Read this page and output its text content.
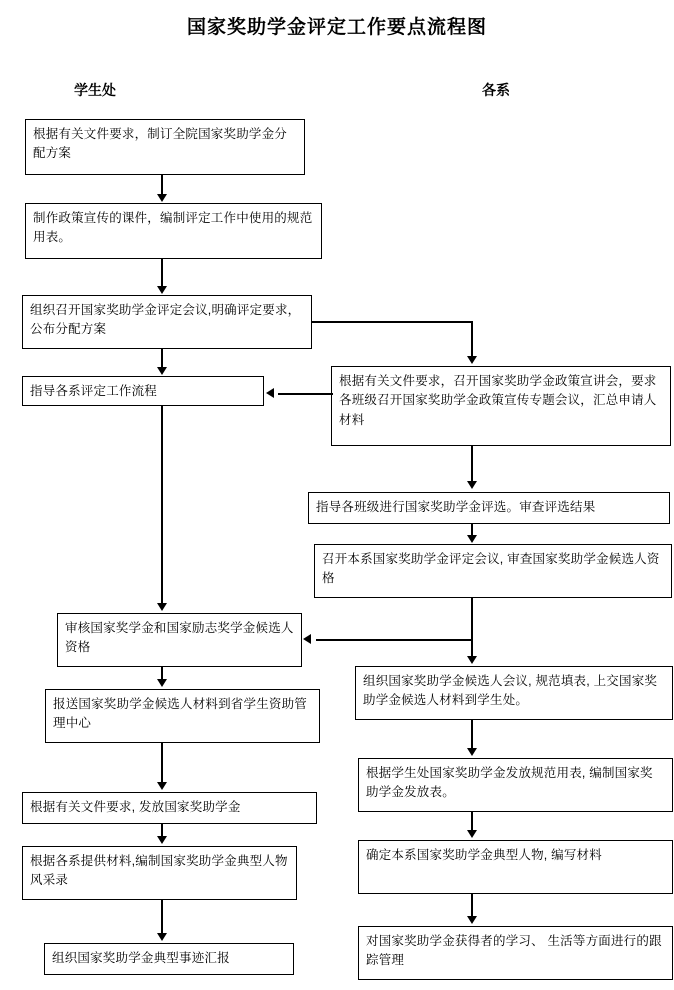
国家奖助学金评定工作要点流程图
学生处	各系
根据有关文件要求，制订全院国家奖助学金分配方案
制作政策宣传的课件，编制评定工作中使用的规范用表。
组织召开国家奖助学金评定会议,明确评定要求，公布分配方案
指导各系评定工作流程
审核国家奖学金和国家励志奖学金候选人资格
报送国家奖助学金候选人材料到省学生资助管理中心
根据有关文件要求, 发放国家奖助学金
根据各系提供材料,编制国家奖助学金典型人物风采录
组织国家奖助学金典型事迹汇报
根据有关文件要求，召开国家奖助学金政策宣讲会，要求各班级召开国家奖助学金政策宣传专题会议，汇总申请人材料
指导各班级进行国家奖助学金评选。审查评选结果
召开本系国家奖助学金评定会议, 审查国家奖助学金候选人资格
组织国家奖助学金候选人会议, 规范填表, 上交国家奖助学金候选人材料到学生处。
根据学生处国家奖助学金发放规范用表, 编制国家奖助学金发放表。
确定本系国家奖助学金典型人物, 编写材料
对国家奖助学金获得者的学习、 生活等方面进行的跟踪管理
